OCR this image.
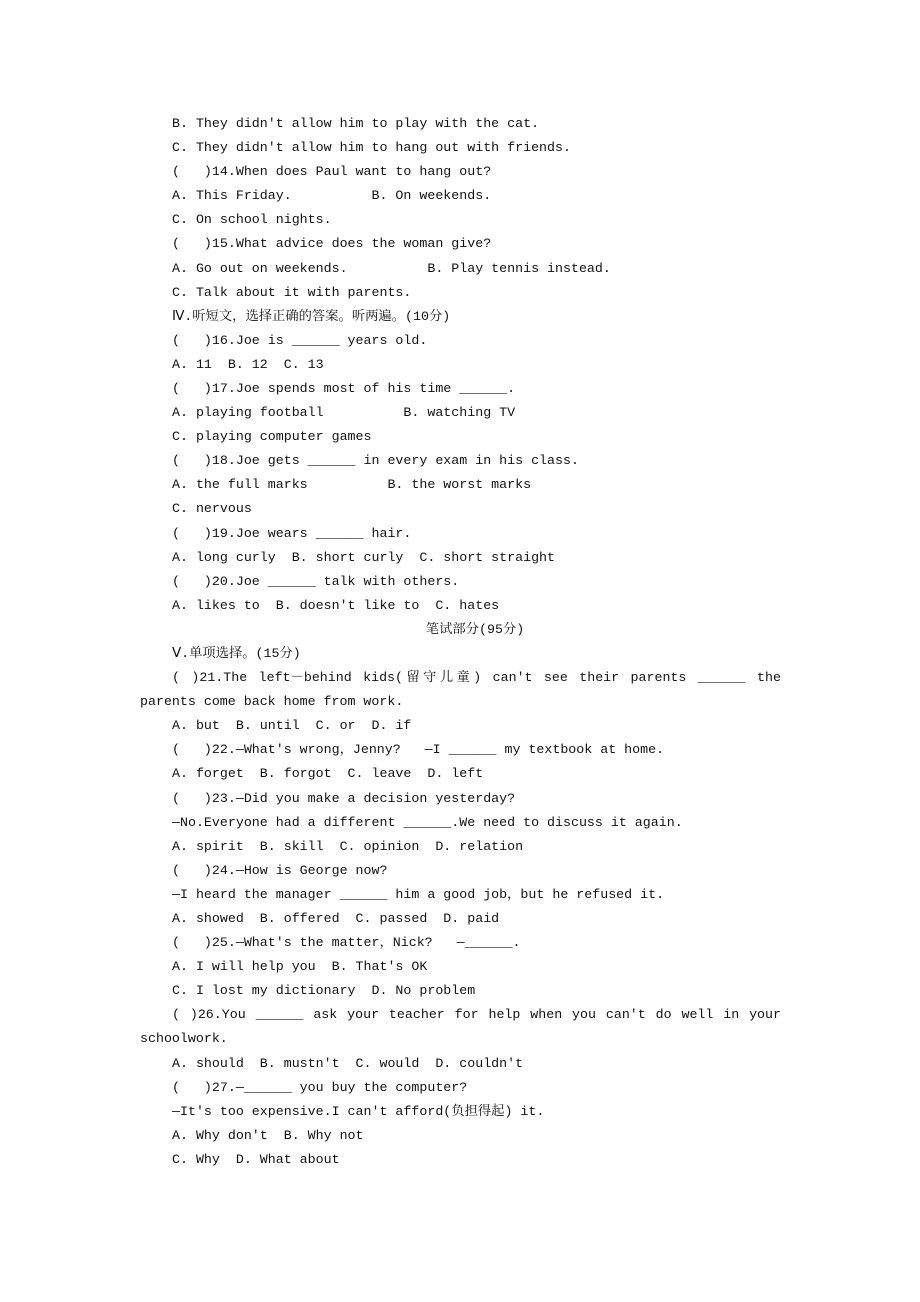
B. They didn't allow him to play with the cat.
C. They didn't allow him to hang out with friends.
(   )14.When does Paul want to hang out?
A. This Friday.          B. On weekends.
C. On school nights.
(   )15.What advice does the woman give?
A. Go out on weekends.          B. Play tennis instead.
C. Talk about it with parents.
Ⅳ.听短文，选择正确的答案。听两遍。(10分)
(   )16.Joe is ______ years old.
A. 11  B. 12  C. 13
(   )17.Joe spends most of his time ______.
A. playing football          B. watching TV
C. playing computer games
(   )18.Joe gets ______ in every exam in his class.
A. the full marks          B. the worst marks
C. nervous
(   )19.Joe wears ______ hair.
A. long curly  B. short curly  C. short straight
(   )20.Joe ______ talk with others.
A. likes to  B. doesn't like to  C. hates
笔试部分(95分)
Ⅴ.单项选择。(15分)
( )21.The left－behind kids(留守儿童) can't see their parents ______ the
parents come back home from work.
A. but  B. until  C. or  D. if
(   )22.—What's wrong，Jenny?   —I ______ my textbook at home.
A. forget  B. forgot  C. leave  D. left
(   )23.—Did you make a decision yesterday?
—No.Everyone had a different ______.We need to discuss it again.
A. spirit  B. skill  C. opinion  D. relation
(   )24.—How is George now?
—I heard the manager ______ him a good job，but he refused it.
A. showed  B. offered  C. passed  D. paid
(   )25.—What's the matter，Nick?   —______.
A. I will help you  B. That's OK
C. I lost my dictionary  D. No problem
( )26.You ______ ask your teacher for help when you can't do well in your
schoolwork.
A. should  B. mustn't  C. would  D. couldn't
(   )27.—______ you buy the computer?
—It's too expensive.I can't afford(负担得起) it.
A. Why don't  B. Why not
C. Why  D. What about
